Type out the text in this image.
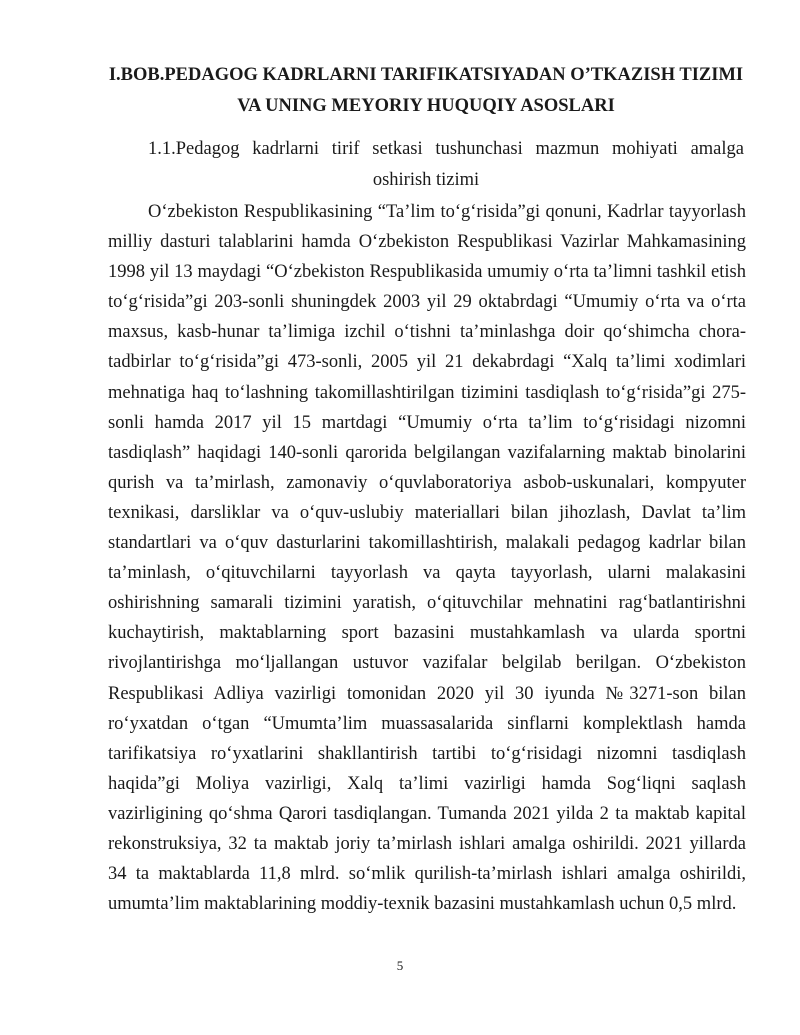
I.BOB.PEDAGOG KADRLARNI TARIFIKATSIYADAN O’TKAZISH TIZIMI VA UNING MEYORIY HUQUQIY ASOSLARI

1.1.Pedagog kadrlarni tirif setkasi tushunchasi mazmun mohiyati amalga oshirish tizimi

O‘zbekiston Respublikasining “Ta’lim to‘g‘risida”gi qonuni, Kadrlar tayyorlash milliy dasturi talablarini hamda O‘zbekiston Respublikasi Vazirlar Mahkamasining 1998 yil 13 maydagi “O‘zbekiston Respublikasida umumiy o‘rta ta’limni tashkil etish to‘g‘risida”gi 203-sonli shuningdek 2003 yil 29 oktabrdagi “Umumiy o‘rta va o‘rta maxsus, kasb-hunar ta’limiga izchil o‘tishni ta’minlashga doir qo‘shimcha chora-tadbirlar to‘g‘risida”gi 473-sonli, 2005 yil 21 dekabrdagi “Xalq ta’limi xodimlari mehnatiga haq to‘lashning takomillashtirilgan tizimini tasdiqlash to‘g‘risida”gi 275-sonli hamda 2017 yil 15 martdagi “Umumiy o‘rta ta’lim to‘g‘risidagi nizomni tasdiqlash” haqidagi 140-sonli qarorida belgilangan vazifalarning maktab binolarini qurish va ta’mirlash, zamonaviy o‘quvlaboratoriya asbob-uskunalari, kompyuter texnikasi, darsliklar va o‘quv-uslubiy materiallari bilan jihozlash, Davlat ta’lim standartlari va o‘quv dasturlarini takomillashtirish, malakali pedagog kadrlar bilan ta’minlash, o‘qituvchilarni tayyorlash va qayta tayyorlash, ularni malakasini oshirishning samarali tizimini yaratish, o‘qituvchilar mehnatini rag‘batlantirishni kuchaytirish, maktablarning sport bazasini mustahkamlash va ularda sportni rivojlantirishga mo‘ljallangan ustuvor vazifalar belgilab berilgan. O‘zbekiston Respublikasi Adliya vazirligi tomonidan 2020 yil 30 iyunda №3271-son bilan ro‘yxatdan o‘tgan “Umumta’lim muassasalarida sinflarni komplektlash hamda tarifikatsiya ro‘yxatlarini shakllantirish tartibi to‘g‘risidagi nizomni tasdiqlash haqida”gi Moliya vazirligi, Xalq ta’limi vazirligi hamda Sog‘liqni saqlash vazirligining qo‘shma Qarori tasdiqlangan. Tumanda 2021 yilda 2 ta maktab kapital rekonstruksiya, 32 ta maktab joriy ta’mirlash ishlari amalga oshirildi. 2021 yillarda 34 ta maktablarda 11,8 mlrd. so‘mlik qurilish-ta’mirlash ishlari amalga oshirildi, umumta’lim maktablarining moddiy-texnik bazasini mustahkamlash uchun 0,5 mlrd.

5
